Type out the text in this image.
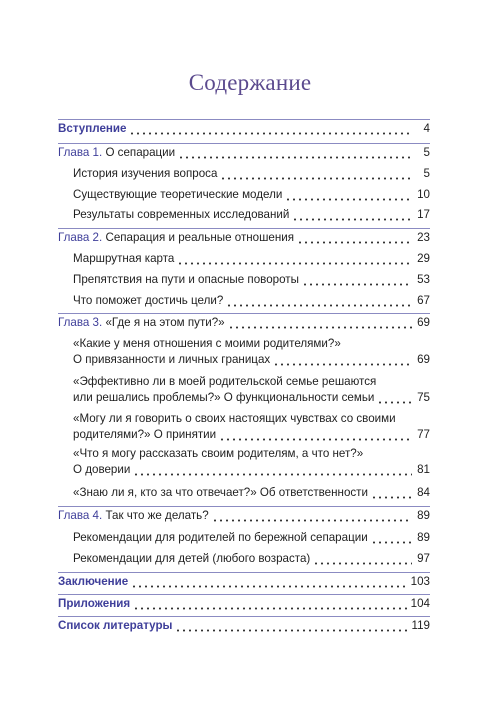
Содержание
Вступление	4
Глава 1. О сепарации	5
История изучения вопроса	5
Существующие теоретические модели	10
Результаты современных исследований	17
Глава 2. Сепарация и реальные отношения	23
Маршрутная карта	29
Препятствия на пути и опасные повороты	53
Что поможет достичь цели?	67
Глава 3. «Где я на этом пути?»	69
«Какие у меня отношения с моими родителями?»
О привязанности и личных границах	69
«Эффективно ли в моей родительской семье решаются
или решались проблемы?» О функциональности семьи	75
«Могу ли я говорить о своих настоящих чувствах со своими
родителями?» О принятии	77
«Что я могу рассказать своим родителям, а что нет?»
О доверии	81
«Знаю ли я, кто за что отвечает?» Об ответственности	84
Глава 4. Так что же делать?	89
Рекомендации для родителей по бережной сепарации	89
Рекомендации для детей (любого возраста)	97
Заключение	103
Приложения	104
Список литературы	119
